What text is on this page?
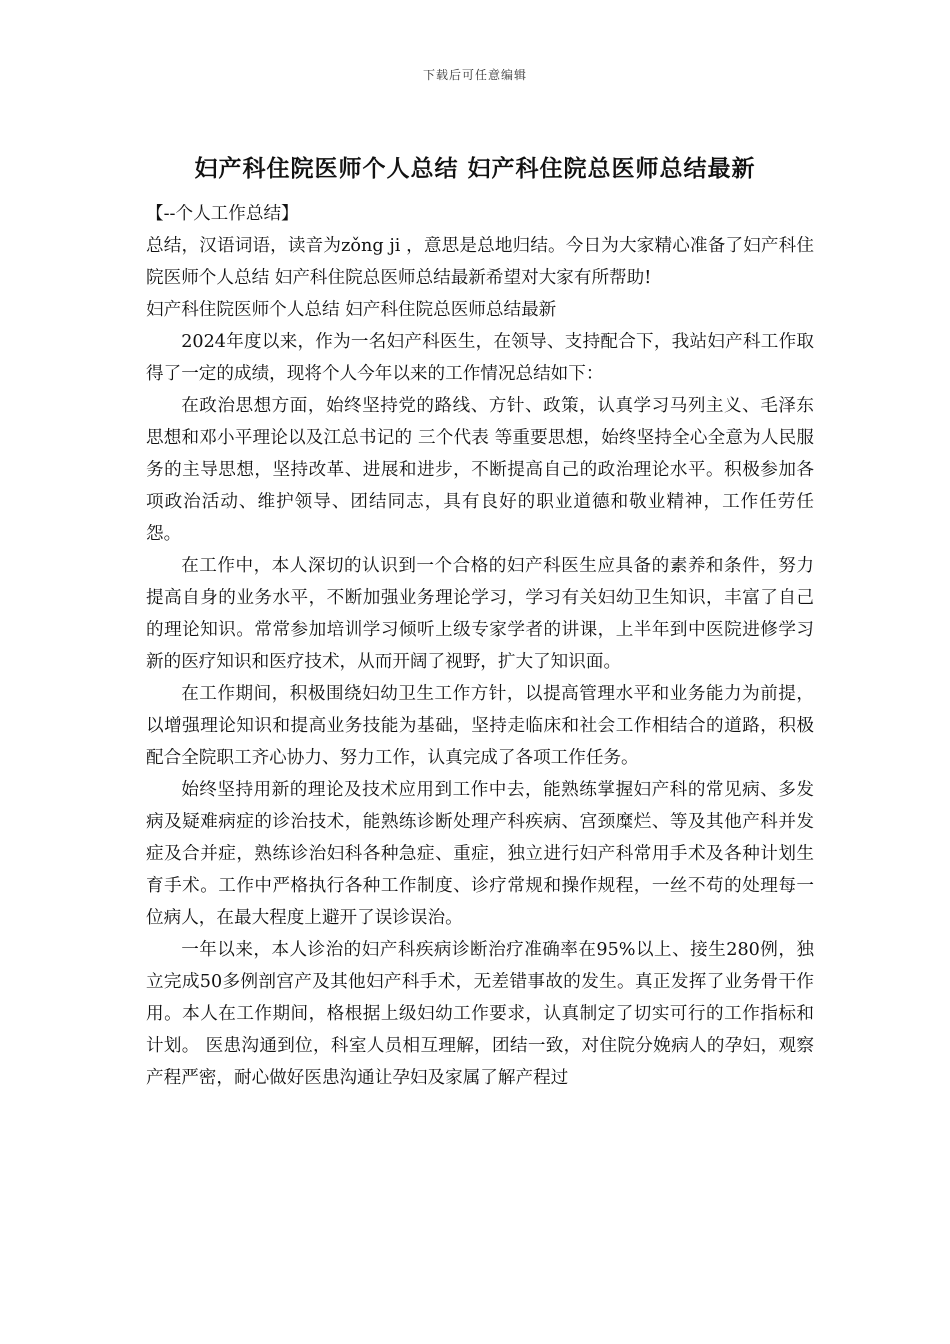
下载后可任意编辑
妇产科住院医师个人总结 妇产科住院总医师总结最新

【--个人工作总结】

总结，汉语词语，读音为zǒng ji ，意思是总地归结。今日为大家精心准备了妇产科住院医师个人总结 妇产科住院总医师总结最新希望对大家有所帮助!

妇产科住院医师个人总结 妇产科住院总医师总结最新

2024年度以来，作为一名妇产科医生，在领导、支持配合下，我站妇产科工作取得了一定的成绩，现将个人今年以来的工作情况总结如下：

在政治思想方面，始终坚持党的路线、方针、政策，认真学习马列主义、毛泽东思想和邓小平理论以及江总书记的 三个代表 等重要思想，始终坚持全心全意为人民服务的主导思想，坚持改革、进展和进步，不断提高自己的政治理论水平。积极参加各项政治活动、维护领导、团结同志，具有良好的职业道德和敬业精神，工作任劳任怨。

在工作中，本人深切的认识到一个合格的妇产科医生应具备的素养和条件，努力提高自身的业务水平，不断加强业务理论学习，学习有关妇幼卫生知识，丰富了自己的理论知识。常常参加培训学习倾听上级专家学者的讲课，上半年到中医院进修学习新的医疗知识和医疗技术，从而开阔了视野，扩大了知识面。

在工作期间，积极围绕妇幼卫生工作方针，以提高管理水平和业务能力为前提，以增强理论知识和提高业务技能为基础，坚持走临床和社会工作相结合的道路，积极配合全院职工齐心协力、努力工作，认真完成了各项工作任务。

始终坚持用新的理论及技术应用到工作中去，能熟练掌握妇产科的常见病、多发病及疑难病症的诊治技术，能熟练诊断处理产科疾病、宫颈糜烂、等及其他产科并发症及合并症，熟练诊治妇科各种急症、重症，独立进行妇产科常用手术及各种计划生育手术。工作中严格执行各种工作制度、诊疗常规和操作规程，一丝不苟的处理每一位病人，在最大程度上避开了误诊误治。

一年以来，本人诊治的妇产科疾病诊断治疗准确率在95%以上、接生280例，独立完成50多例剖宫产及其他妇产科手术，无差错事故的发生。真正发挥了业务骨干作用。本人在工作期间，格根据上级妇幼工作要求，认真制定了切实可行的工作指标和计划。 医患沟通到位，科室人员相互理解，团结一致，对住院分娩病人的孕妇，观察产程严密，耐心做好医患沟通让孕妇及家属了解产程过
